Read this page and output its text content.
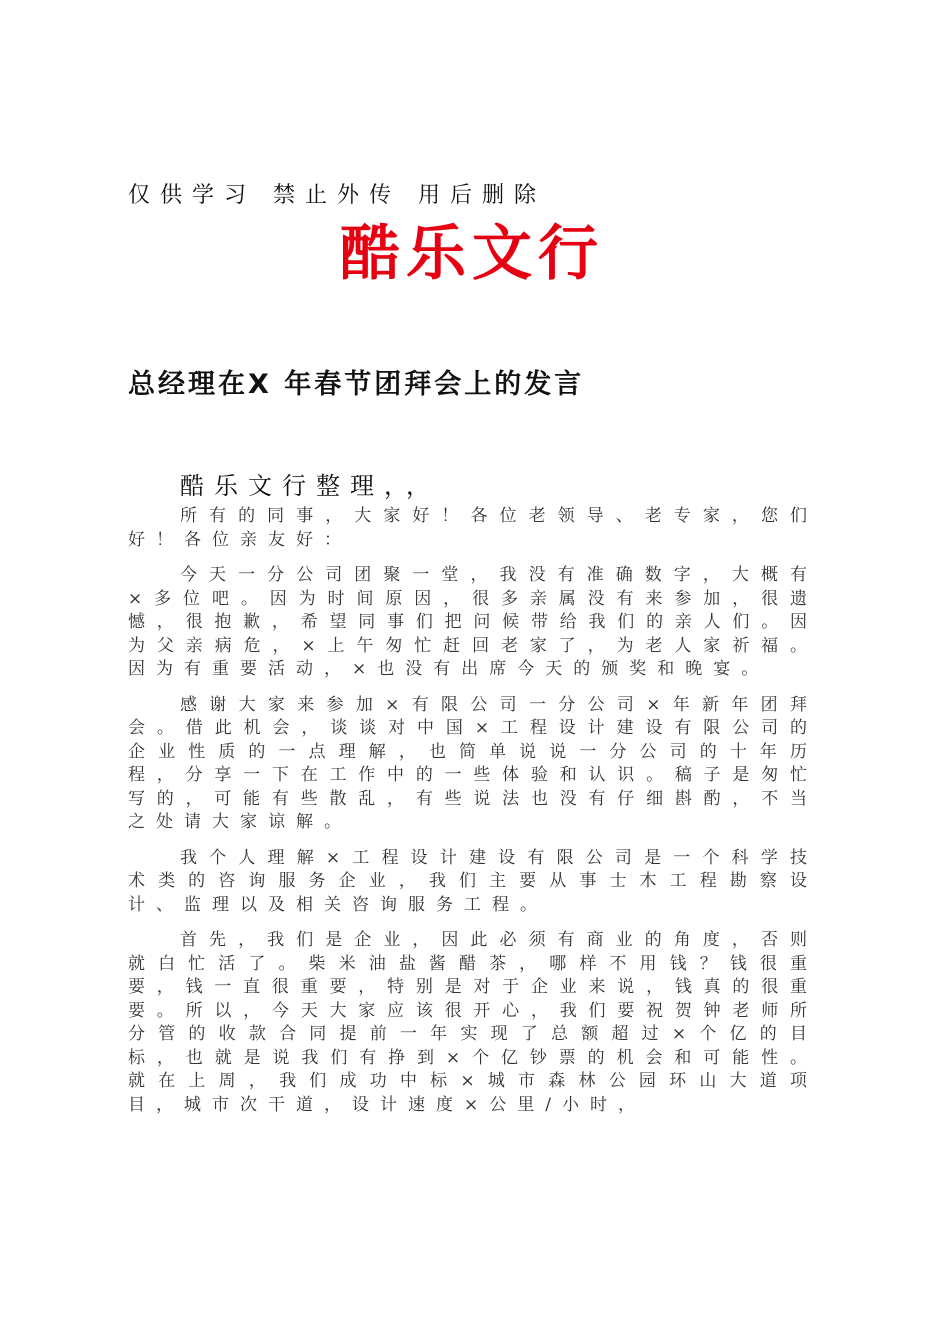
仅供学习 禁止外传 用后删除
酷乐文行
总经理在X 年春节团拜会上的发言
酷乐文行整理，，

所有的同事，大家好！各位老领导、老专家，您们好！各位亲友好：

今天一分公司团聚一堂，我没有准确数字，大概有×多位吧。因为时间原因，很多亲属没有来参加，很遗憾，很抱歉，希望同事们把问候带给我们的亲人们。因为父亲病危，×上午匆忙赶回老家了，为老人家祈福。因为有重要活动，×也没有出席今天的颁奖和晚宴。

感谢大家来参加×有限公司一分公司×年新年团拜会。借此机会，谈谈对中国×工程设计建设有限公司的企业性质的一点理解，也简单说说一分公司的十年历程，分享一下在工作中的一些体验和认识。稿子是匆忙写的，可能有些散乱，有些说法也没有仔细斟酌，不当之处请大家谅解。

我个人理解×工程设计建设有限公司是一个科学技术类的咨询服务企业，我们主要从事士木工程勘察设计、监理以及相关咨询服务工程。

首先，我们是企业，因此必须有商业的角度，否则就白忙活了。柴米油盐酱醋茶，哪样不用钱？钱很重要，钱一直很重要，特别是对于企业来说，钱真的很重要。所以，今天大家应该很开心，我们要祝贺钟老师所分管的收款合同提前一年实现了总额超过×个亿的目标，也就是说我们有挣到×个亿钞票的机会和可能性。就在上周，我们成功中标×城市森林公园环山大道项目，城市次干道，设计速度×公里/小时，
